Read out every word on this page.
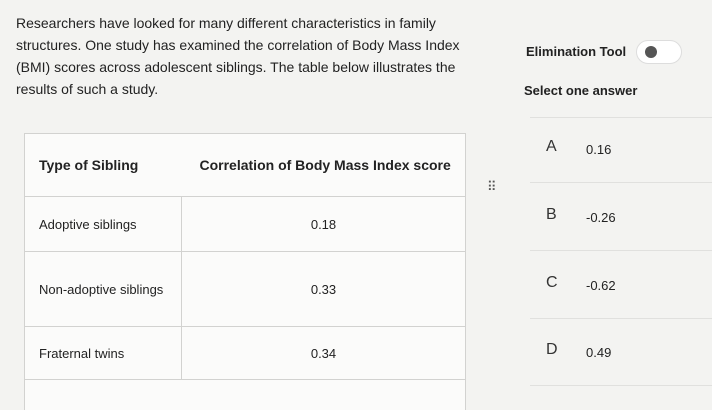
Researchers have looked for many different characteristics in family structures. One study has examined the correlation of Body Mass Index (BMI) scores across adolescent siblings. The table below illustrates the results of such a study.
Type of Sibling	Correlation of Body Mass Index score
Adoptive siblings	0.18
Non-adoptive siblings	0.33
Fraternal twins	0.34
⠿
Elimination Tool
Select one answer
A 0.16
B -0.26
C -0.62
D 0.49
